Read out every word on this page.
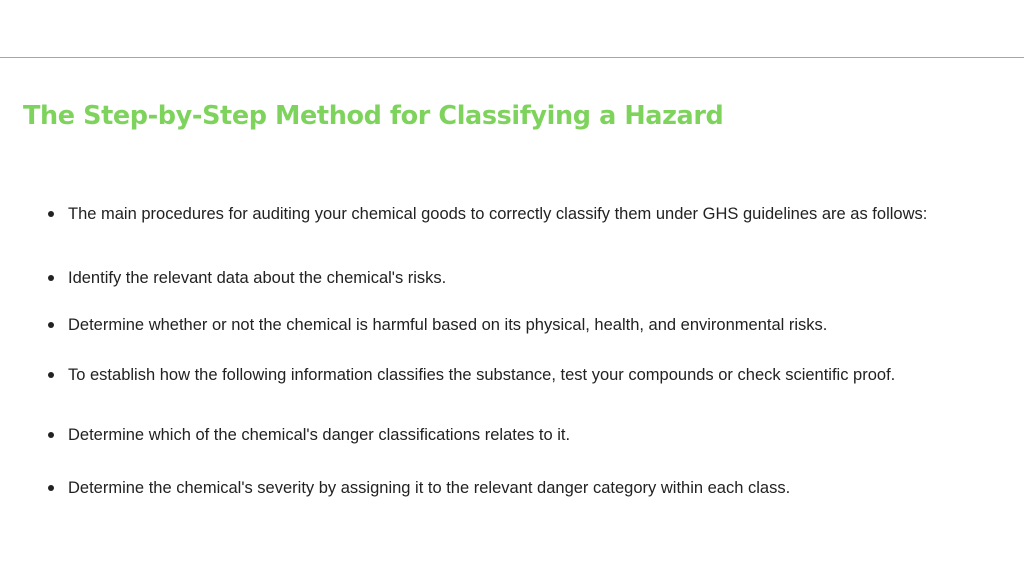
The Step-by-Step Method for Classifying a Hazard
The main procedures for auditing your chemical goods to correctly classify them under GHS guidelines are as follows:
Identify the relevant data about the chemical's risks.
Determine whether or not the chemical is harmful based on its physical, health, and environmental risks.
To establish how the following information classifies the substance, test your compounds or check scientific proof.
Determine which of the chemical's danger classifications relates to it.
Determine the chemical's severity by assigning it to the relevant danger category within each class.
